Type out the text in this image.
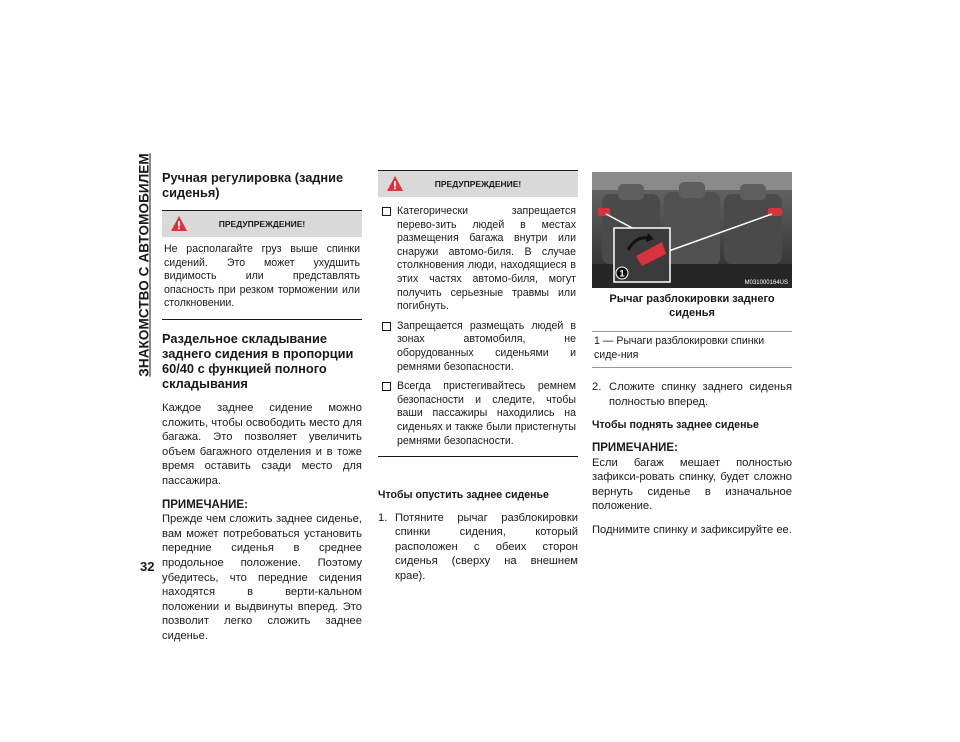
ЗНАКОМСТВО С АВТОМОБИЛЕМ Ручная регулировка (задние сиденья)
ПРЕДУПРЕЖДЕНИЕ!
Не располагайте груз выше спинки сидений. Это может ухудшить видимость или представлять опасность при резком торможении или столкновении.
Раздельное складывание заднего сидения в пропорции 60/40 с функцией полного складывания

Каждое заднее сидение можно сложить, чтобы освободить место для багажа. Это позволяет увеличить объем багажного отделения и в тоже время оставить сзади место для пассажира.

ПРИМЕЧАНИЕ:

Прежде чем сложить заднее сиденье, вам может потребоваться установить передние сиденья в среднее продольное положение. Поэтому убедитесь, что передние сидения находятся в верти-кальном положении и выдвинуты вперед. Это позволит легко сложить заднее сиденье.

ПРЕДУПРЕЖДЕНИЕ!
Категорически запрещается перево-зить людей в местах размещения багажа внутри или снаружи автомо-биля. В случае столкновения люди, находящиеся в этих частях автомо-биля, могут получить серьезные травмы или погибнуть.
Запрещается размещать людей в зонах автомобиля, не оборудованных сиденьями и ремнями безопасности.
Всегда пристегивайтесь ремнем безопасности и следите, чтобы ваши пассажиры находились на сиденьях и также были пристегнуты ремнями безопасности.
Чтобы опустить заднее сиденье
1. Потяните рычаг разблокировки спинки сидения, который расположен с обеих сторон сиденья (сверху на внешнем крае).
1
M031000164US
Рычаг разблокировки заднего сиденья
1 — Рычаги разблокировки спинки сиде-ния
2. Сложите спинку заднего сиденья полностью вперед.
Чтобы поднять заднее сиденье
ПРИМЕЧАНИЕ:

Если багаж мешает полностью зафикси-ровать спинку, будет сложно вернуть сиденье в изначальное положение.

Поднимите спинку и зафиксируйте ее.

32
